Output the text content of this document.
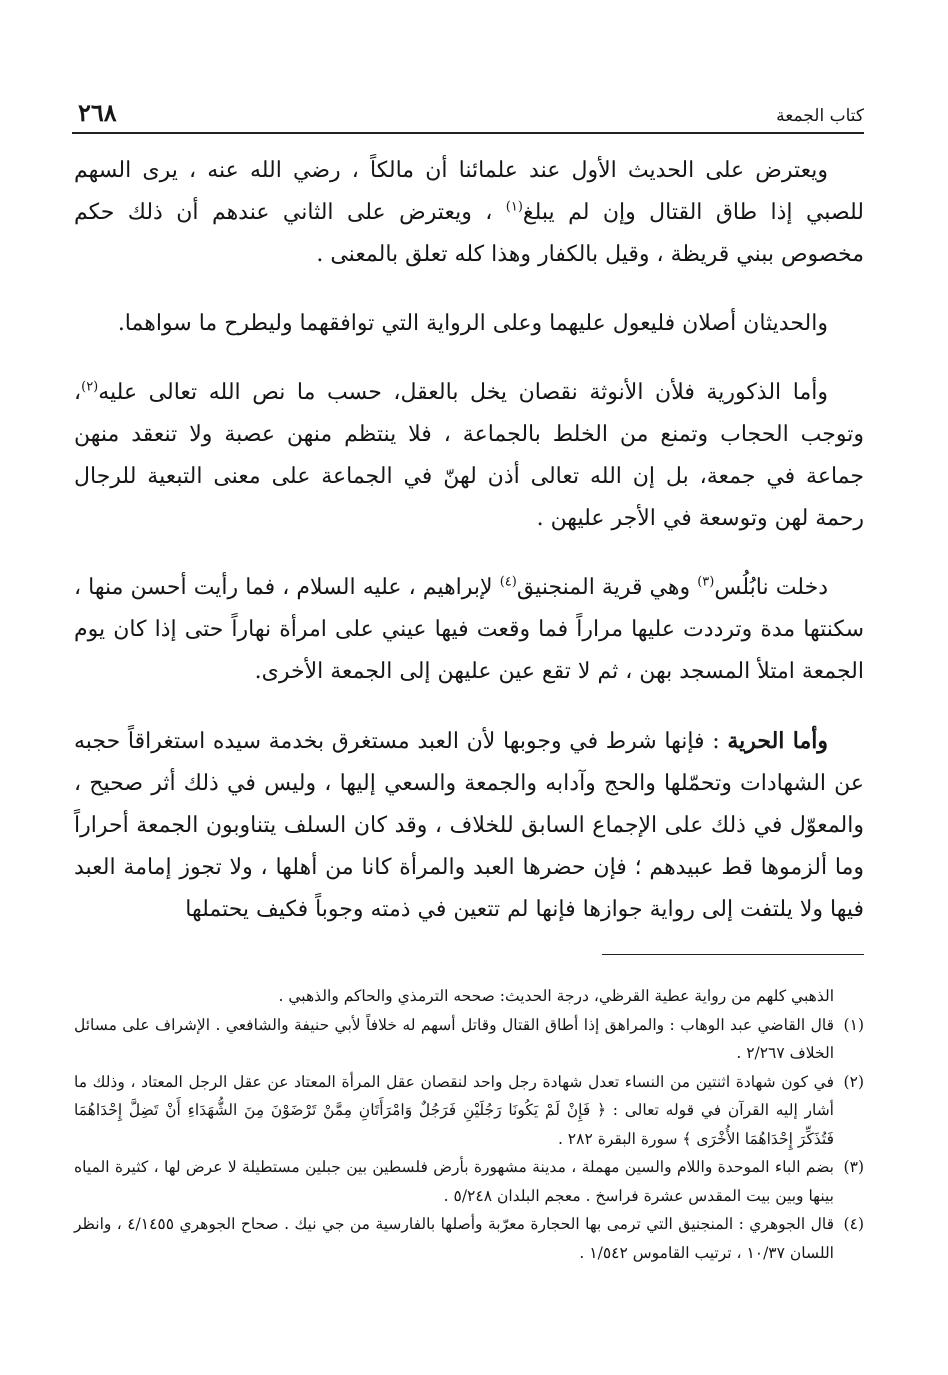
كتاب الجمعة
٢٦٨

ويعترض على الحديث الأول عند علمائنا أن مالكاً ، رضي الله عنه ، يرى السهم للصبي إذا طاق القتال وإن لم يبلغ$^{(١)}$ ، ويعترض على الثاني عندهم أن ذلك حكم مخصوص ببني قريظة ، وقيل بالكفار وهذا كله تعلق بالمعنى .

والحديثان أصلان فليعول عليهما وعلى الرواية التي توافقهما وليطرح ما سواهما.

وأما الذكورية فلأن الأنوثة نقصان يخل بالعقل، حسب ما نص الله تعالى عليه$^{(٢)}$، وتوجب الحجاب وتمنع من الخلط بالجماعة ، فلا ينتظم منهن عصبة ولا تنعقد منهن جماعة في جمعة، بل إن الله تعالى أذن لهنّ في الجماعة على معنى التبعية للرجال رحمة لهن وتوسعة في الأجر عليهن .

دخلت نابُلُس$^{(٣)}$ وهي قرية المنجنيق$^{(٤)}$ لإبراهيم ، عليه السلام ، فما رأيت أحسن منها ، سكنتها مدة وترددت عليها مراراً فما وقعت فيها عيني على امرأة نهاراً حتى إذا كان يوم الجمعة امتلأ المسجد بهن ، ثم لا تقع عين عليهن إلى الجمعة الأخرى.

وأما الحرية : فإنها شرط في وجوبها لأن العبد مستغرق بخدمة سيده استغراقاً حجبه عن الشهادات وتحمّلها والحج وآدابه والجمعة والسعي إليها ، وليس في ذلك أثر صحيح ، والمعوّل في ذلك على الإجماع السابق للخلاف ، وقد كان السلف يتناوبون الجمعة أحراراً وما ألزموها قط عبيدهم ؛ فإن حضرها العبد والمرأة كانا من أهلها ، ولا تجوز إمامة العبد فيها ولا يلتفت إلى رواية جوازها فإنها لم تتعين في ذمته وجوباً فكيف يحتملها

الذهبي كلهم من رواية عطية القرظي، درجة الحديث: صححه الترمذي والحاكم والذهبي .

(١)قال القاضي عبد الوهاب : والمراهق إذا أطاق القتال وقاتل أسهم له خلافاً لأبي حنيفة والشافعي . الإشراف على مسائل الخلاف ٢/٢٦٧ .

(٢)في كون شهادة اثنتين من النساء تعدل شهادة رجل واحد لنقصان عقل المرأة المعتاد عن عقل الرجل المعتاد ، وذلك ما أشار إليه القرآن في قوله تعالى : ﴿ فَإِنْ لَمْ يَكُونَا رَجُلَيْنِ فَرَجُلٌ وَامْرَأَتَانِ مِمَّنْ تَرْضَوْنَ مِنَ الشُّهَدَاءِ أَنْ تَضِلَّ إِحْدَاهُمَا فَتُذَكِّرَ إِحْدَاهُمَا الأُخْرَى ﴾ سورة البقرة ٢٨٢ .

(٣)بضم الباء الموحدة واللام والسين مهملة ، مدينة مشهورة بأرض فلسطين بين جبلين مستطيلة لا عرض لها ، كثيرة المياه بينها وبين بيت المقدس عشرة فراسخ . معجم البلدان ٥/٢٤٨ .

(٤)قال الجوهري : المنجنيق التي ترمى بها الحجارة معرّبة وأصلها بالفارسية من جي نيك . صحاح الجوهري ٤/١٤٥٥ ، وانظر اللسان ١٠/٣٧ ، ترتيب القاموس ١/٥٤٢ .
